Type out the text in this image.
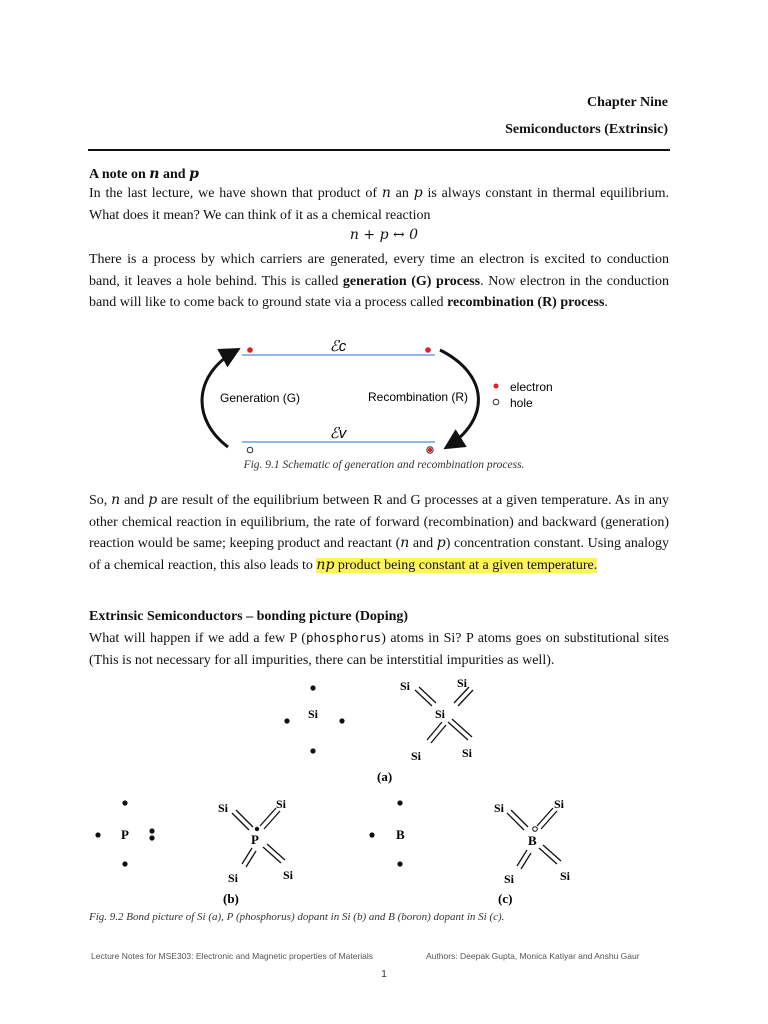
Chapter Nine
Semiconductors (Extrinsic)
A note on n and p
In the last lecture, we have shown that product of n an p is always constant in thermal equilibrium. What does it mean? We can think of it as a chemical reaction
n + p ↔ 0
There is a process by which carriers are generated, every time an electron is excited to conduction band, it leaves a hole behind. This is called generation (G) process. Now electron in the conduction band will like to come back to ground state via a process called recombination (R) process.
ℰc
ℰv
Generation (G)	Recombination (R)
electron
hole
Fig. 9.1 Schematic of generation and recombination process.
So, n and p are result of the equilibrium between R and G processes at a given temperature. As in any other chemical reaction in equilibrium, the rate of forward (recombination) and backward (generation) reaction would be same; keeping product and reactant (n and p) concentration constant. Using analogy of a chemical reaction, this also leads to np product being constant at a given temperature.
Extrinsic Semiconductors – bonding picture (Doping)
What will happen if we add a few P (phosphorus) atoms in Si? P atoms goes on substitutional sites (This is not necessary for all impurities, there can be interstitial impurities as well).
Si
Si	Si
Si
Si	Si
(a)
P
Si	Si
P
Si	Si
(b)
B
Si	Si
B
Si	Si
(c)
Fig. 9.2 Bond picture of Si (a), P (phosphorus) dopant in Si (b) and B (boron) dopant in Si (c).
Lecture Notes for MSE303: Electronic and Magnetic properties of Materials	Authors: Deepak Gupta, Monica Katiyar and Anshu Gaur
1
